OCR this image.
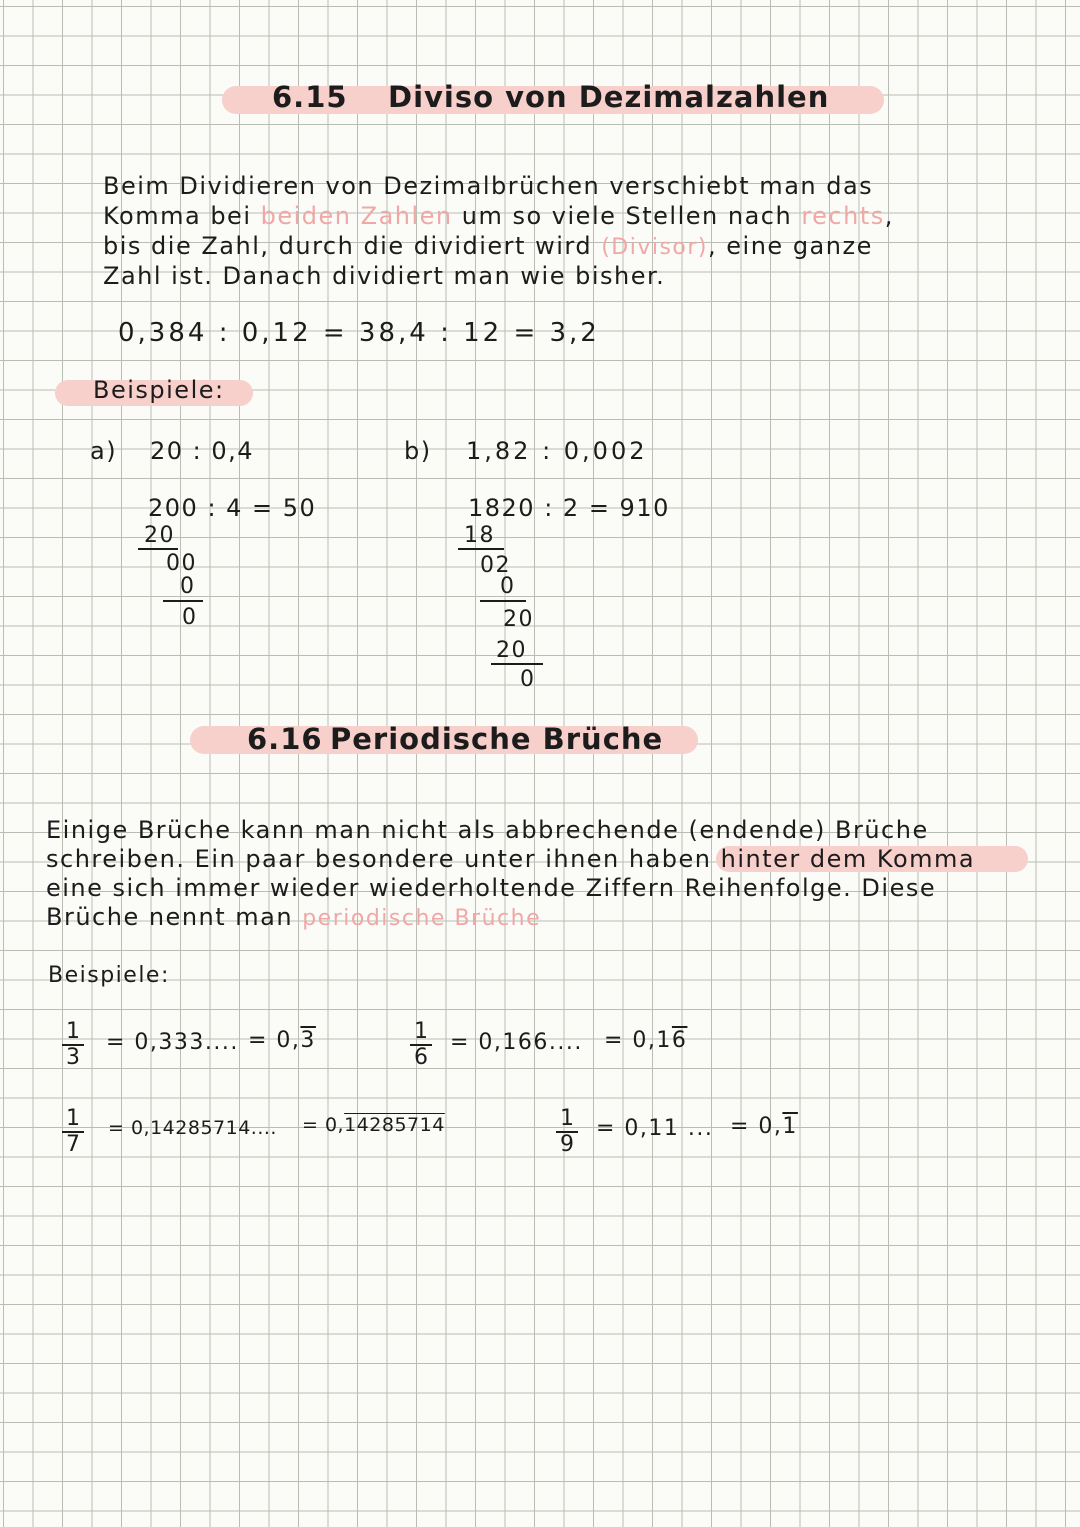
6.15 Diviso von Dezimalzahlen
Beim Dividieren von Dezimalbrüchen verschiebt man das
Komma bei beiden Zahlen um so viele Stellen nach rechts,
bis die Zahl, durch die dividiert wird (Divisor), eine ganze
Zahl ist. Danach dividiert man wie bisher.
0,384 : 0,12 = 38,4 : 12 = 3,2
Beispiele:
a) 20 : 0,4
200 : 4 = 50
20
00
0
0
b) 1,82 : 0,002
1820 : 2 = 910
18
02
0
20
20
0
6.16 Periodische Brüche
Einige Brüche kann man nicht als abbrechende (endende) Brüche
schreiben. Ein paar besondere unter ihnen haben hinter dem Komma
eine sich immer wieder wiederholtende Ziffern Reihenfolge. Diese
Brüche nennt man periodische Brüche
Beispiele:
$\frac{1}{3} = 0,333$.... = 0,3	$\frac{1}{6} = 0,166$.... = 0,16
$\frac{1}{7} = 0,14285714$.... = 0,14285714	$\frac{1}{9} = 0,11$ ... = 0,1
